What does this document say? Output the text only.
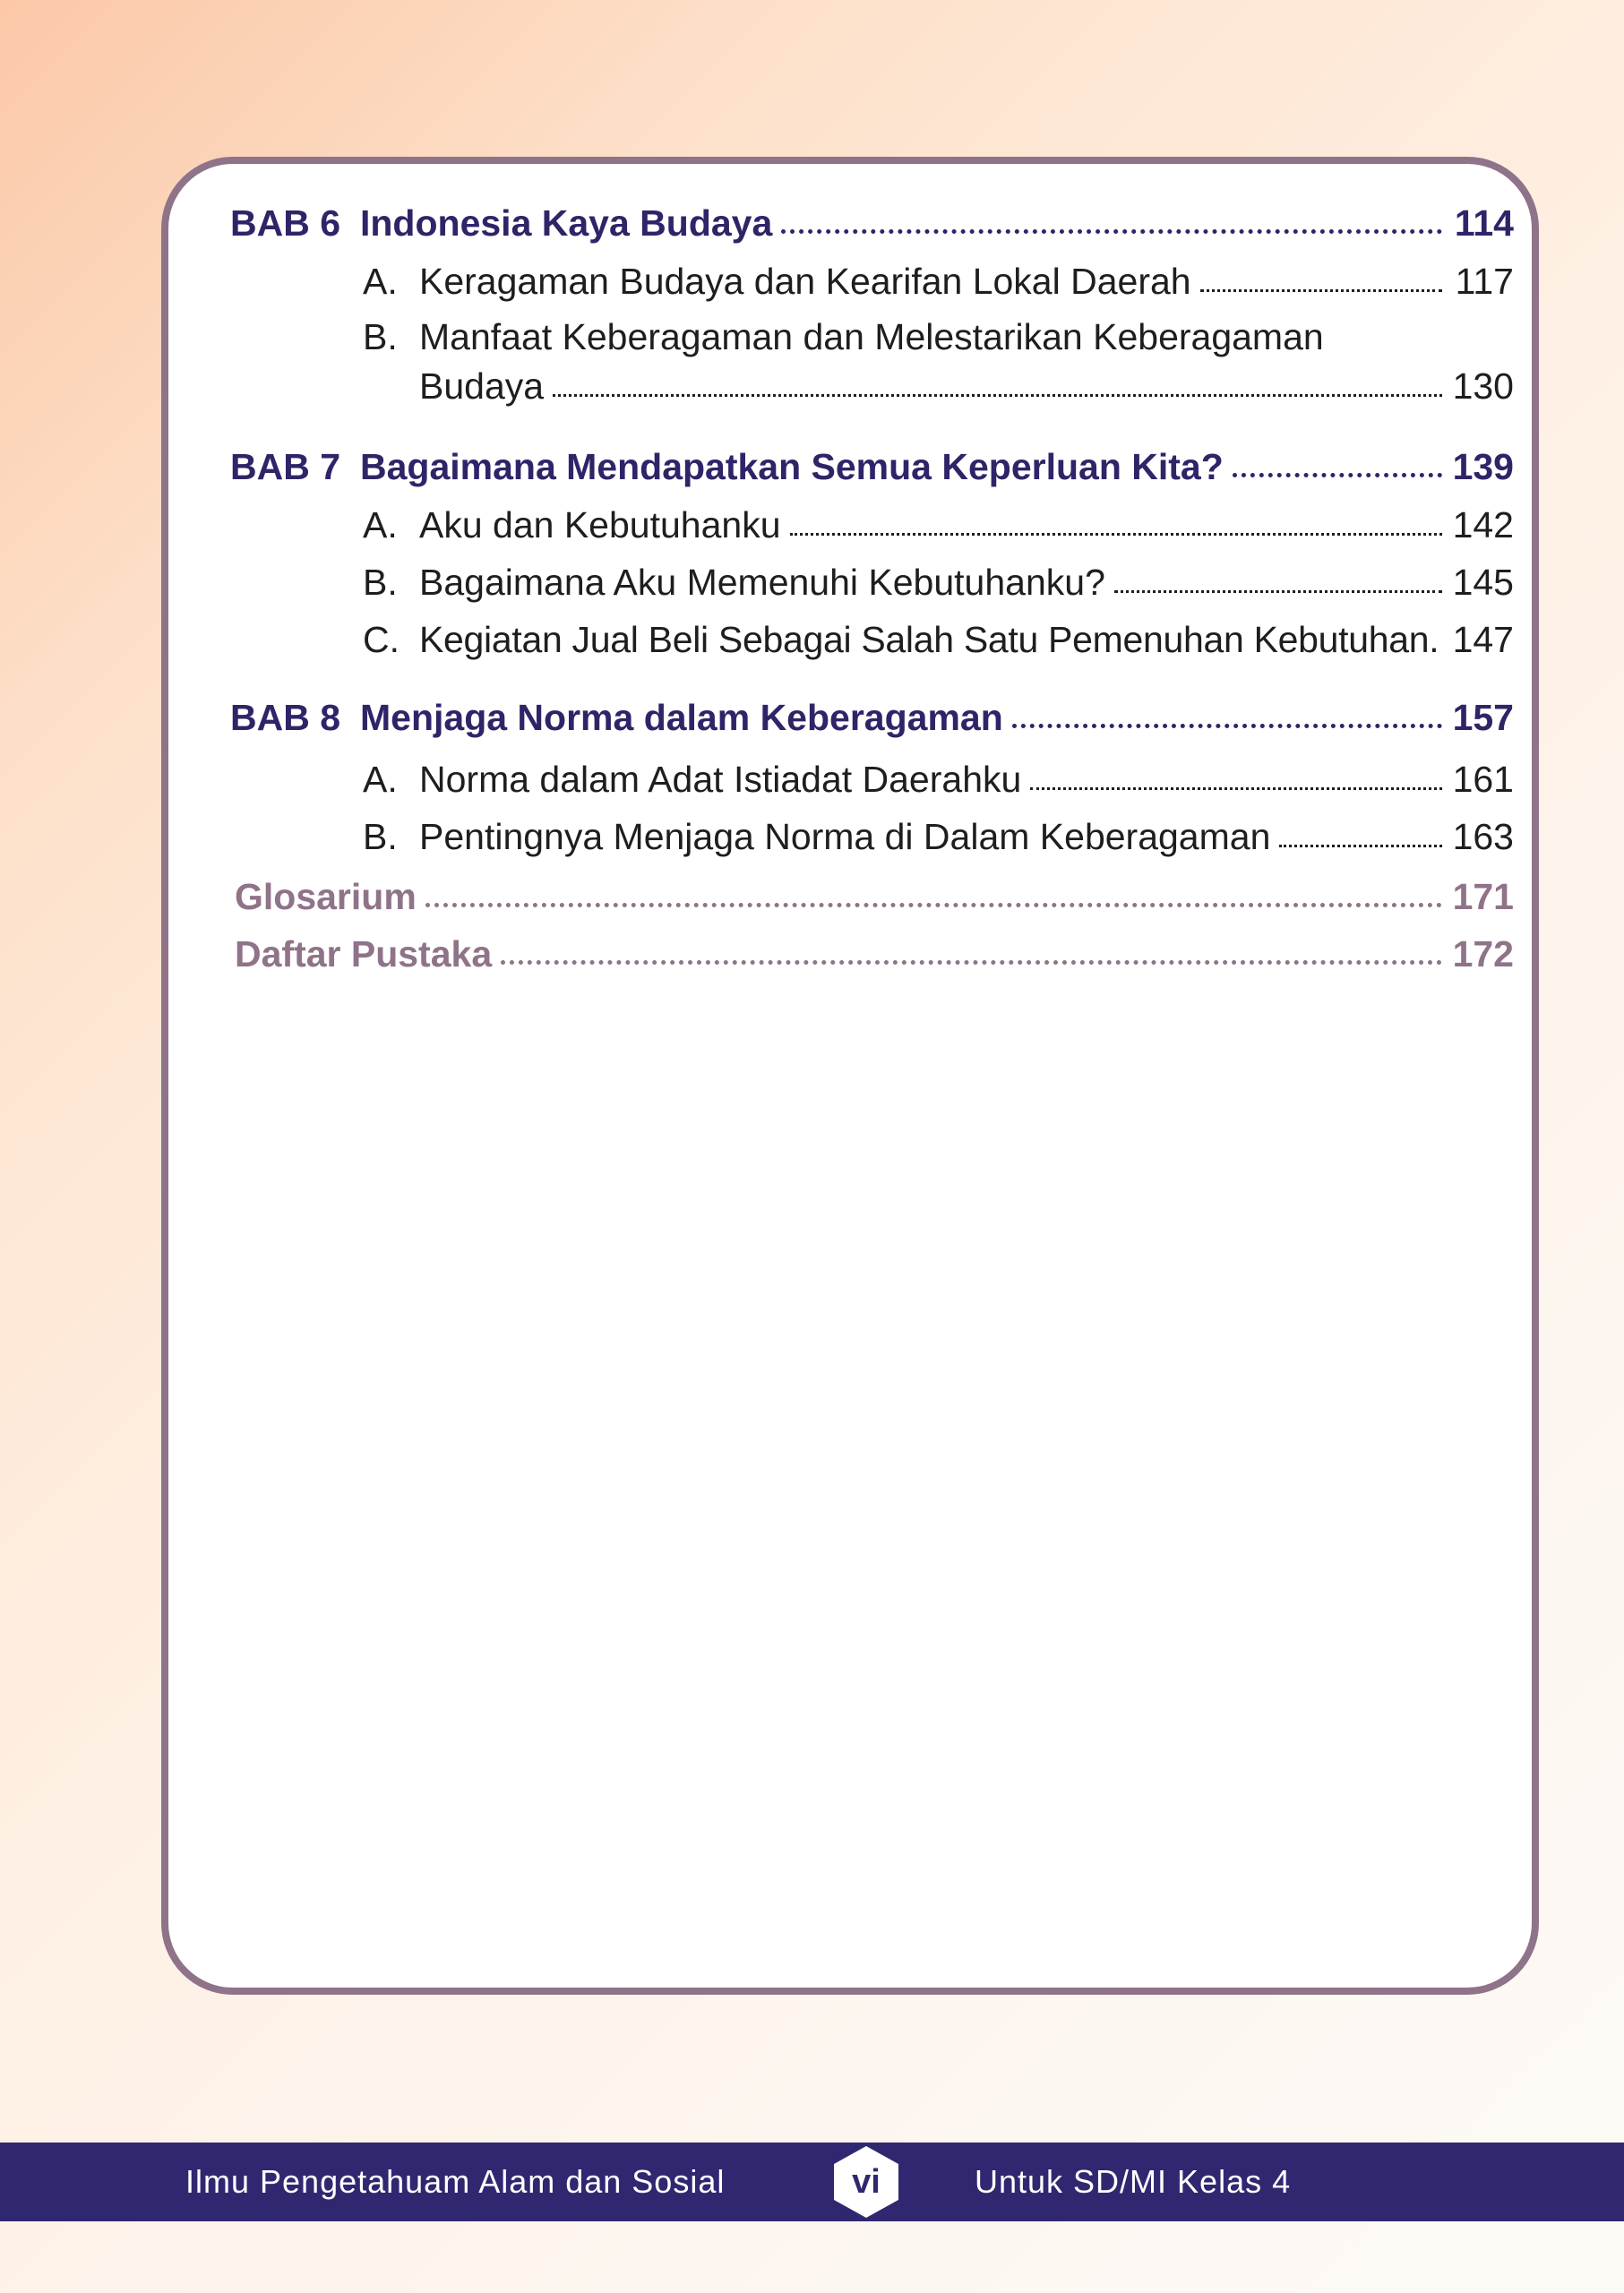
BAB 6 Indonesia Kaya Budaya	114
A. Keragaman Budaya dan Kearifan Lokal Daerah	117
B. Manfaat Keberagaman dan Melestarikan Keberagaman
Budaya	130
BAB 7 Bagaimana Mendapatkan Semua Keperluan Kita?	139
A. Aku dan Kebutuhanku	142
B. Bagaimana Aku Memenuhi Kebutuhanku?	145
C. Kegiatan Jual Beli Sebagai Salah Satu Pemenuhan Kebutuhan. 147
BAB 8 Menjaga Norma dalam Keberagaman	157
A. Norma dalam Adat Istiadat Daerahku	161
B. Pentingnya Menjaga Norma di Dalam Keberagaman	163
Glosarium	171
Daftar Pustaka	172
Ilmu Pengetahuam Alam dan Sosial	vi	Untuk SD/MI Kelas 4
